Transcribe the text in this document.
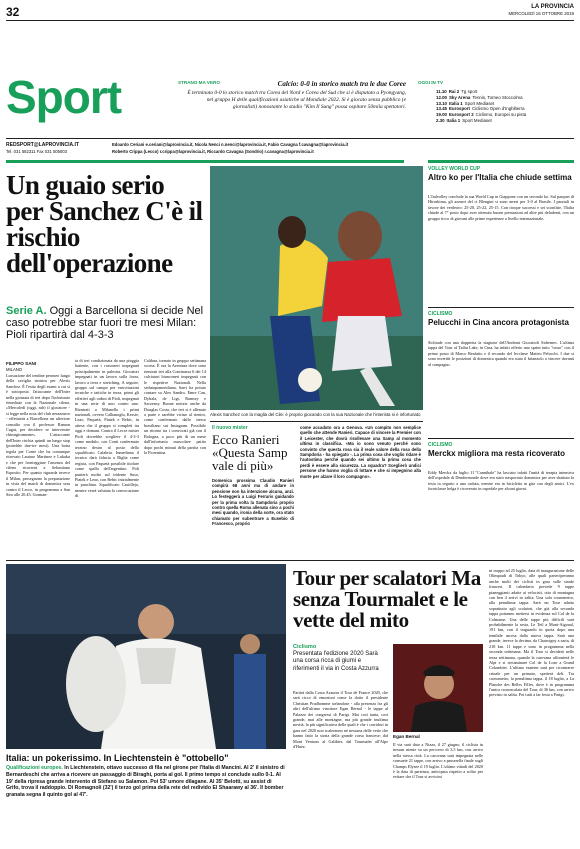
32	LA PROVINCIA
MERCOLEDÌ 16 OTTOBRE 2019
Sport	STRANO MA VERO	Calcio: 0-0 in storico match tra le due Coree
È terminato 0-0 lo storico match tra Corea del Nord e Corea del Sud che si è disputato a Pyongyang, nel gruppo H delle qualificazioni asiatiche al Mondiale 2022. Si è giocato senza pubblico (e giornalisti) nonostante lo stadio "Kim Il Sung" possa ospitare 50mila spettatori.
OGGI IN TV
11.10 Rai 2 Tg sport
12.00 Sky Arena Tennis, Torneo Stoccolma
13.10 Italia 1 Sport Mediaset
13.45 Eurosport Ciclismo Open d'Inghilterra
19.00 Eurosport 2 Ciclismo, Europei su pista
2.30 Italia 1 Sport Mediaset
REDSPORT@LAPROVINCIA.IT
Tel. 031 582311 Fax 031 505003
Edoardo Ceriani e.ceriani@laprovincia.it, Nicola Nenci n.nenci@laprovincia.it, Fabio Cavagna f.cavagna@laprovincia.it
Roberto Crippa (Lecco) r.crippa@laprovincia.it, Riccardo Cavagna (Sondrio) r.cavagna@laprovincia.it
Un guaio serio per Sanchez C'è il rischio dell'operazione
Serie A. Oggi a Barcellona si decide Nel caso potrebbe star fuori tre mesi Milan: Pioli ripartirà dal 4-3-3
FILIPPO SANI
MILANO
Lussazione del tendine peroneo lungo della caviglia sinistra per Alexis Sanchez. È l'esito degli esami a cui si è sottoposto l'attaccante dell'Inter nella giornata di ieri dopo l'infortunio rimediato con la Nazionale cilena, «Mercoledì (oggi, ndr) il giocatore - si legge nella nota del club nerazzurro - effettuerà a Barcellona un ulteriore consulto con il professor Ramon Cugat, per decidere se intervenire chirurgicamente». L'attaccante dell'Inter rischia quindi un lungo stop (potrebbe due-tre mesi). Una botta tegola per Conte che ha comunque ritrovato Lautaro Martinez e Lukaku e che per fronteggiare l'assenza del cileno ricorrerà a Sebastiano Esposito. Per quanto riguarda invece il Milan, proseguono la preparazione in vista del match di domenica sera contro il Lecce, in programma a San Siro alle 20.45. Gorman-
ta di ieri condizionata da una pioggia battente, con i rossoneri impegnati principalmente in palestra. Giocatori impegnati in un lavoro sulla forza, lavoro a terra e stretching. A seguire, gruppo sul campo per esercitazioni tecniche e tattiche in terza, primi gli effettivi agli ordini di Pioli, impegnati in una serie di uno contro uno. Rientrati a Milanello i primi nazionali, ovvero Calhanoglu, Kessie, Leao, Paquetà, Piatek e Rebic, in attesa che il gruppo si completi tra oggi e domani. Contro il Lecce mister Pioli dovrebbe scegliere il 4-3-3 come modulo, con Conti confermato terzino destro al posto dello squalificato Calabria. Inmediana il tecnico darà fiducia a Biglia come regista, con Paquetà possibile titolare come spalla dell'argentino. Poli punterà molto sul tridente Suso, Piatek e Leao, con Rebic inizialmente in panchina. Squalificato Castillejo, mentre verrà valutata la convocazione di
Caldara, tornato in gruppo settimana scorsa. È ora la Aventura dove sono rientrati ieri alla Continassa 6 dei 14 calciatori bianconeri impegnati con le rispettive Nazionali. Nella sedutapomeridiana, Sarri ha potuto contare su Alex Sandro, Emre Can, Dybala, de Ligt, Ramsey e Szczesny. Buone notizie anche da Douglas Costa, che ieri si è allenato a parte e sarebbe vicino al rientro, come confermato dallo stesso brasiliano sui Instagram. Possibile un ritorno tra i convocati già con il Bologna, a poco più di un mese dall'infortunio muscolare patito dopo pochi minuti della partita con la Fiorentina.
Alexis Sanchez con la maglia del Cile: è proprio giocando con la sua Nazionale che l'interista si è infortunato
Il nuovo mister
Ecco Ranieri «Questa Samp vale di più»
Domenica prossima Claudio Ranieri compirà 68 anni ma di andare in pensione non ha intenzione alcuna, anzi. Lo festeggerà a Luigi Ferraris guidando per la prima volta la Sampdoria proprio contro quella Roma allenata sino a pochi mesi quando, ironia della sorte, ora stato chiamato per subentrare a Eusebio di Francesco, proprio
come accaduto ora a Genova. «Un compito non semplice quello che attende Ranieri. Capace di vincere la Premier con il Leicester, che dovrà risollevare una Samp al momento ultima in classifica. «Ma io sono venuto perché sono convinto che questa rosa sia il reale valore della rosa della Sampdoria - ha spiegato -. La prima cosa che voglio ridare è l'autostima perché quando sei ultimo la prima cosa che perdi è essere alla sicurezza. La squadra? Sceglierò undici persone che hanno voglia di lottare e che si impegnino alla morte per alzare il loro compagno».
VOLLEY WORLD CUP
Altro ko per l'Italia che chiude settima
L'Italvolley conclude la sua World Cup in Giappone con un secondo ko. Sul parquet di Hiroshima, gli azzurri del ct Blengini si sono arresi per 3-0 al Brasile. I parziali in favore dei verdeoro: 25-20, 25-22, 25-15. Con cinque successi e sei sconfitte, l'Italia chiude al 7° posto dopo aver ottenuto buone prestazioni ad altre più deludenti, con un gruppo ricco di giovani alle prime esperienze a livello internazionale.
CICLISMO
Pelucchi in Cina ancora protagonista
Sichiude con una doppietta la stagione dell'Androni Giocattoli Sidermec. L'ultima tappa del Tour of Taihu Lake, in Cina, ha infatti offerto uno sprint tutto "rosso" con il primo posto di Marco Benfatto e il secondo del lecchese Matteo Pelucchi. I due si sono invertiti le posizioni di domenica quando era stato il brianzolo a vincere davanti al compagno.
CICLISMO
Merckx migliora ma resta ricoverato
Eddy Merckx da luglio. Il "Cannibale" ha lasciato infatti l'unità di terapia intensiva dell'ospedale di Dendermonde dove era stato trasportato domenica per aver sbattuto la testa in seguito a una caduta, mentre era in bicicletta in gita con degli amici. L'ex fuoriclasse belga è ricoverato in ospedale per alcuni giorni.
Italia: un pokerissimo. In Liechtenstein è "ottobello"
Qualificazioni europee. In Liechtenstein, ottavo successo di fila nel girone per l'Italia di Mancini. Al 2' il sinistro di Bernardeschi che arriva a ricevere un passaggio di Biraghi, porta al gol. Il primo tempo si conclude sullo 0-1. Al 19' della ripresa grande intervento di Stefano su Salamon. Poi 53' umore dilagane. Al 35' Belotti, su assist di Grifo, trova il raddoppio. Di Romagnoli (32') il terzo gol prima della rete del redivido El Shaarawy al 36'. Il bomber granata segna il quinto gol al 47'.
Tour per scalatori Ma senza Tourmalet e le vette del mito
Ciclismo
Presentata l'edizione 2020 Sarà una corsa ricca di giumi e riferimenti il via in Costa Azzurra
Partirà dalla Costa Azzurra il Tour de France 2020, che sarà ricco di emozioni come la dotto il presidente Christian Prudhomme stelandose - alla presenza fra gli altri dell'ultimo vincitore Egan Bernal - le tappe al Palazzo dei congressi di Parigi. Mai così tanta, così grande, mai alle montagne, ma più grande inultima novità, la più significativa delle quali è che i corridori in gara nel 2020 non scaleranno né nessuna delle vette che hanno fatto la storia della grande corsa francese: dal Mont Ventoux al Galibier, dal Tourmalet all'Alpe d'Huez.
Egan Bernal
Il via sarà dato a Nizza, il 27 giugno, il ciclista in nessun niente su un percorso di 3,5 km, con arrivo nella stessa città. La carovana sarà impegnata nelle consuete 21 tappe, con arrivo a passerella finale sugli Champs Elysee il 19 luglio. L'ultimo vittadi del 2020 è la data di partenza, anticipata rispetto a solito per evitare che il Tour si avvicini
ni troppo ad 25 luglio, data di inaugurazione delle Olimpiadi di Tokyo, alle quali parteciperanno anche molti dei ciclisti in gara sulle strade francesi. Il calendario prevede 9 tappe pianeggianti adatte ai velocisti, otto di montagna con ben 4 arrivi in salita. Una sola cronometro, alla penultima tappa. Sarà un Tour adatto soprattutto agli scalatori, che già alla seconda tappa potranno mettersi in evidenza sul Col de la Colmaine. Una delle tappe più difficili sarà probabilmente la sesta, Le Teil a Mont-Aigoual, 191 km, con il traguardo in quota dopo una temibile ascesa dalla nuova tappa. Sarà una grande, invece la decima, da Chauvigny a sarta, di 218 km. 11 tappe e sono in programma nella seconda settimana. Ma il Tour si deciderà nelle terza settimana, quando la carovana affronterà le Alpi e si riesaminare Col de la Loze a Grand Colombier. L'ultimo esamen sarà per ricontrarre crinale per un primato, spetterà deli. Tra cronometro, la penultima tappa, il 18 luglio, a La Planche des Belles Filles, dove è in programma l'unica cronoscalata del Tour, di 36 km, con arrivo previsto in salita. Poi tutti a far festa a Parigi.
